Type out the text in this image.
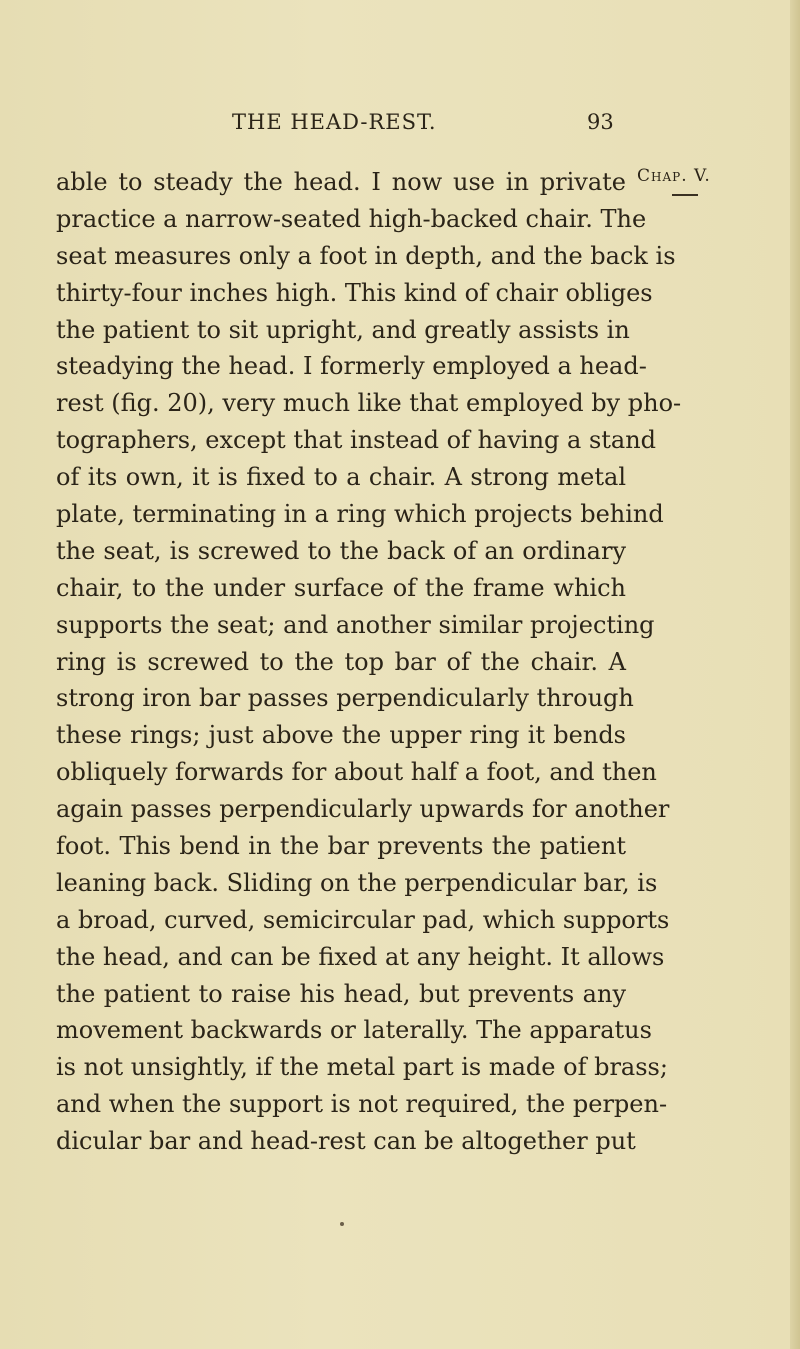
THE HEAD-REST.	93
Chap. V.
able to steady the head. I now use in private
practice a narrow-seated high-backed chair. The
seat measures only a foot in depth, and the back is
thirty-four inches high. This kind of chair obliges
the patient to sit upright, and greatly assists in
steadying the head. I formerly employed a head-
rest (fig. 20), very much like that employed by pho-
tographers, except that instead of having a stand
of its own, it is fixed to a chair. A strong metal
plate, terminating in a ring which projects behind
the seat, is screwed to the back of an ordinary
chair, to the under surface of the frame which
supports the seat; and another similar projecting
ring is screwed to the top bar of the chair. A
strong iron bar passes perpendicularly through
these rings; just above the upper ring it bends
obliquely forwards for about half a foot, and then
again passes perpendicularly upwards for another
foot. This bend in the bar prevents the patient
leaning back. Sliding on the perpendicular bar, is
a broad, curved, semicircular pad, which supports
the head, and can be fixed at any height. It allows
the patient to raise his head, but prevents any
movement backwards or laterally. The apparatus
is not unsightly, if the metal part is made of brass;
and when the support is not required, the perpen-
dicular bar and head-rest can be altogether put
